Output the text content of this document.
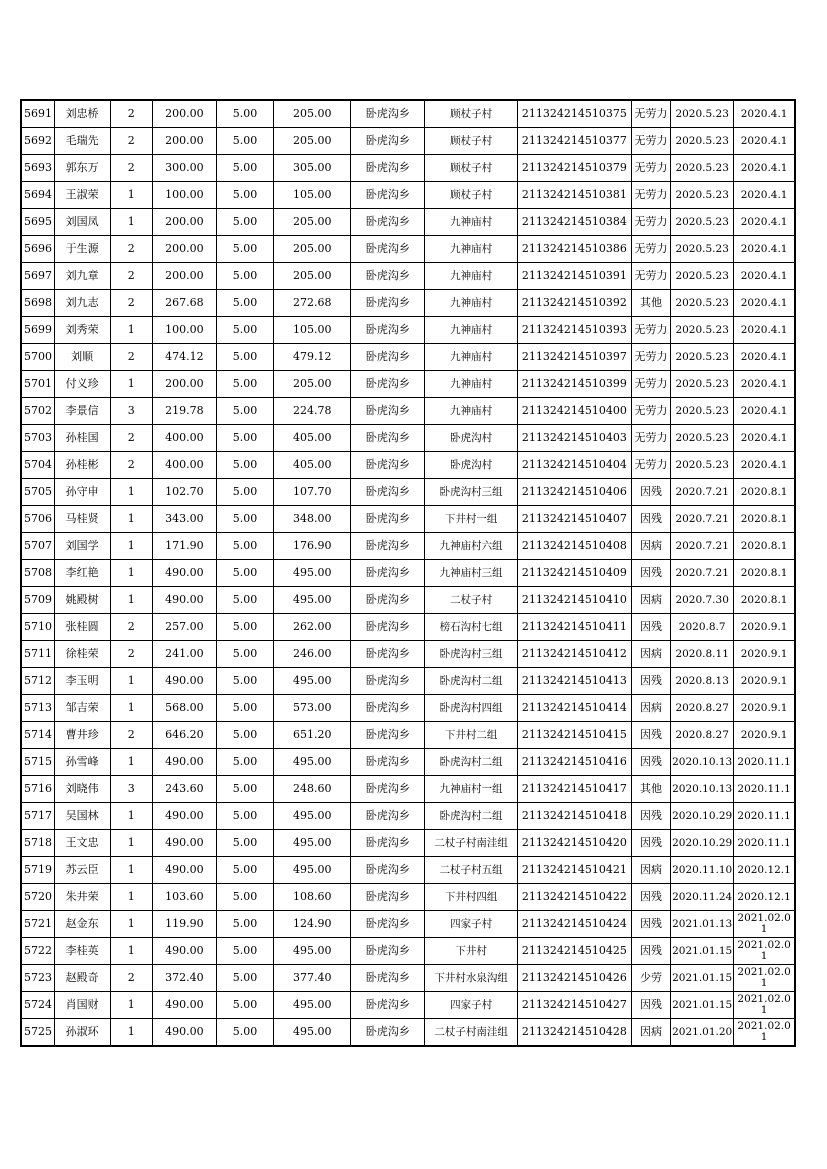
5691	刘忠桥	2	200.00	5.00	205.00	卧虎沟乡	顾杖子村	211324214510375	无劳力	2020.5.23	2020.4.1
5692	毛瑞先	2	200.00	5.00	205.00	卧虎沟乡	顾杖子村	211324214510377	无劳力	2020.5.23	2020.4.1
5693	郭东万	2	300.00	5.00	305.00	卧虎沟乡	顾杖子村	211324214510379	无劳力	2020.5.23	2020.4.1
5694	王淑荣	1	100.00	5.00	105.00	卧虎沟乡	顾杖子村	211324214510381	无劳力	2020.5.23	2020.4.1
5695	刘国凤	1	200.00	5.00	205.00	卧虎沟乡	九神庙村	211324214510384	无劳力	2020.5.23	2020.4.1
5696	于生源	2	200.00	5.00	205.00	卧虎沟乡	九神庙村	211324214510386	无劳力	2020.5.23	2020.4.1
5697	刘九章	2	200.00	5.00	205.00	卧虎沟乡	九神庙村	211324214510391	无劳力	2020.5.23	2020.4.1
5698	刘九志	2	267.68	5.00	272.68	卧虎沟乡	九神庙村	211324214510392	其他	2020.5.23	2020.4.1
5699	刘秀荣	1	100.00	5.00	105.00	卧虎沟乡	九神庙村	211324214510393	无劳力	2020.5.23	2020.4.1
5700	刘顺	2	474.12	5.00	479.12	卧虎沟乡	九神庙村	211324214510397	无劳力	2020.5.23	2020.4.1
5701	付义珍	1	200.00	5.00	205.00	卧虎沟乡	九神庙村	211324214510399	无劳力	2020.5.23	2020.4.1
5702	李景信	3	219.78	5.00	224.78	卧虎沟乡	九神庙村	211324214510400	无劳力	2020.5.23	2020.4.1
5703	孙桂国	2	400.00	5.00	405.00	卧虎沟乡	卧虎沟村	211324214510403	无劳力	2020.5.23	2020.4.1
5704	孙桂彬	2	400.00	5.00	405.00	卧虎沟乡	卧虎沟村	211324214510404	无劳力	2020.5.23	2020.4.1
5705	孙守申	1	102.70	5.00	107.70	卧虎沟乡	卧虎沟村三组	211324214510406	因残	2020.7.21	2020.8.1
5706	马桂贤	1	343.00	5.00	348.00	卧虎沟乡	下井村一组	211324214510407	因残	2020.7.21	2020.8.1
5707	刘国学	1	171.90	5.00	176.90	卧虎沟乡	九神庙村六组	211324214510408	因病	2020.7.21	2020.8.1
5708	李红艳	1	490.00	5.00	495.00	卧虎沟乡	九神庙村三组	211324214510409	因残	2020.7.21	2020.8.1
5709	姚殿树	1	490.00	5.00	495.00	卧虎沟乡	二杖子村	211324214510410	因病	2020.7.30	2020.8.1
5710	张桂圆	2	257.00	5.00	262.00	卧虎沟乡	榜石沟村七组	211324214510411	因残	2020.8.7	2020.9.1
5711	徐桂荣	2	241.00	5.00	246.00	卧虎沟乡	卧虎沟村三组	211324214510412	因病	2020.8.11	2020.9.1
5712	李玉明	1	490.00	5.00	495.00	卧虎沟乡	卧虎沟村二组	211324214510413	因残	2020.8.13	2020.9.1
5713	邹吉荣	1	568.00	5.00	573.00	卧虎沟乡	卧虎沟村四组	211324214510414	因病	2020.8.27	2020.9.1
5714	曹井珍	2	646.20	5.00	651.20	卧虎沟乡	下井村二组	211324214510415	因残	2020.8.27	2020.9.1
5715	孙雪峰	1	490.00	5.00	495.00	卧虎沟乡	卧虎沟村二组	211324214510416	因残	2020.10.13	2020.11.1
5716	刘晓伟	3	243.60	5.00	248.60	卧虎沟乡	九神庙村一组	211324214510417	其他	2020.10.13	2020.11.1
5717	吴国林	1	490.00	5.00	495.00	卧虎沟乡	卧虎沟村二组	211324214510418	因残	2020.10.29	2020.11.1
5718	王文忠	1	490.00	5.00	495.00	卧虎沟乡	二杖子村南洼组	211324214510420	因残	2020.10.29	2020.11.1
5719	苏云臣	1	490.00	5.00	495.00	卧虎沟乡	二杖子村五组	211324214510421	因病	2020.11.10	2020.12.1
5720	朱井荣	1	103.60	5.00	108.60	卧虎沟乡	下井村四组	211324214510422	因残	2020.11.24	2020.12.1
5721	赵金东	1	119.90	5.00	124.90	卧虎沟乡	四家子村	211324214510424	因残	2021.01.13	2021.02.01
5722	李桂英	1	490.00	5.00	495.00	卧虎沟乡	下井村	211324214510425	因残	2021.01.15	2021.02.01
5723	赵殿奇	2	372.40	5.00	377.40	卧虎沟乡	下井村水泉沟组	211324214510426	少劳	2021.01.15	2021.02.01
5724	肖国财	1	490.00	5.00	495.00	卧虎沟乡	四家子村	211324214510427	因残	2021.01.15	2021.02.01
5725	孙淑环	1	490.00	5.00	495.00	卧虎沟乡	二杖子村南洼组	211324214510428	因病	2021.01.20	2021.02.01
